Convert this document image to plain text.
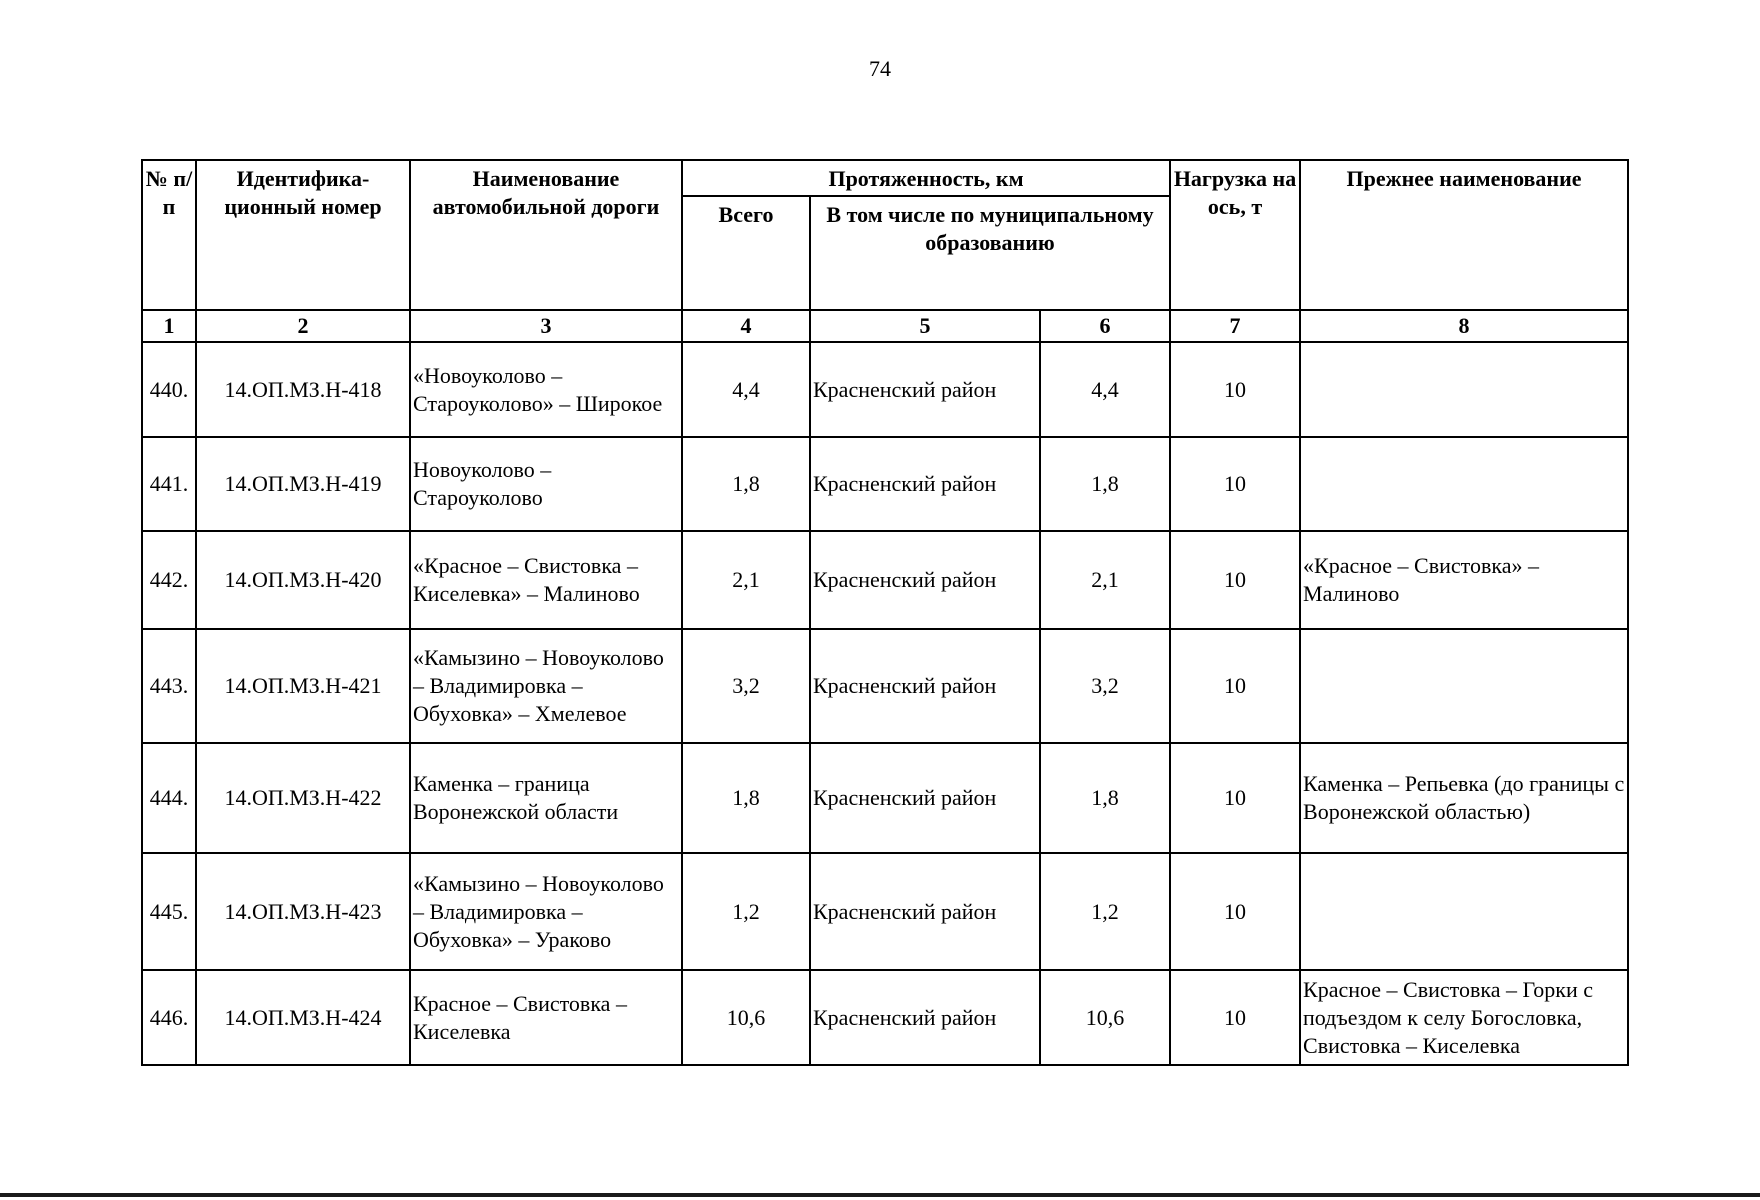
74
№ п/п	Идентифика-ционный номер	Наименование автомобильной дороги	Протяженность, км			Нагрузка на ось, т	Прежнее наименование
			Всего	В том числе по муниципальному образованию			
1	2	3	4	5	6	7	8
440.	14.ОП.МЗ.Н-418	«Новоуколово – Староуколово» – Широкое	4,4	Красненский район	4,4	10	
441.	14.ОП.МЗ.Н-419	Новоуколово – Староуколово	1,8	Красненский район	1,8	10	
442.	14.ОП.МЗ.Н-420	«Красное – Свистовка – Киселевка» – Малиново	2,1	Красненский район	2,1	10	«Красное – Свистовка» – Малиново
443.	14.ОП.МЗ.Н-421	«Камызино – Новоуколово – Владимировка – Обуховка» – Хмелевое	3,2	Красненский район	3,2	10	
444.	14.ОП.МЗ.Н-422	Каменка – граница Воронежской области	1,8	Красненский район	1,8	10	Каменка – Репьевка (до границы с Воронежской областью)
445.	14.ОП.МЗ.Н-423	«Камызино – Новоуколово – Владимировка – Обуховка» – Ураково	1,2	Красненский район	1,2	10	
446.	14.ОП.МЗ.Н-424	Красное – Свистовка – Киселевка	10,6	Красненский район	10,6	10	Красное – Свистовка – Горки с подъездом к селу Богословка, Свистовка – Киселевка
